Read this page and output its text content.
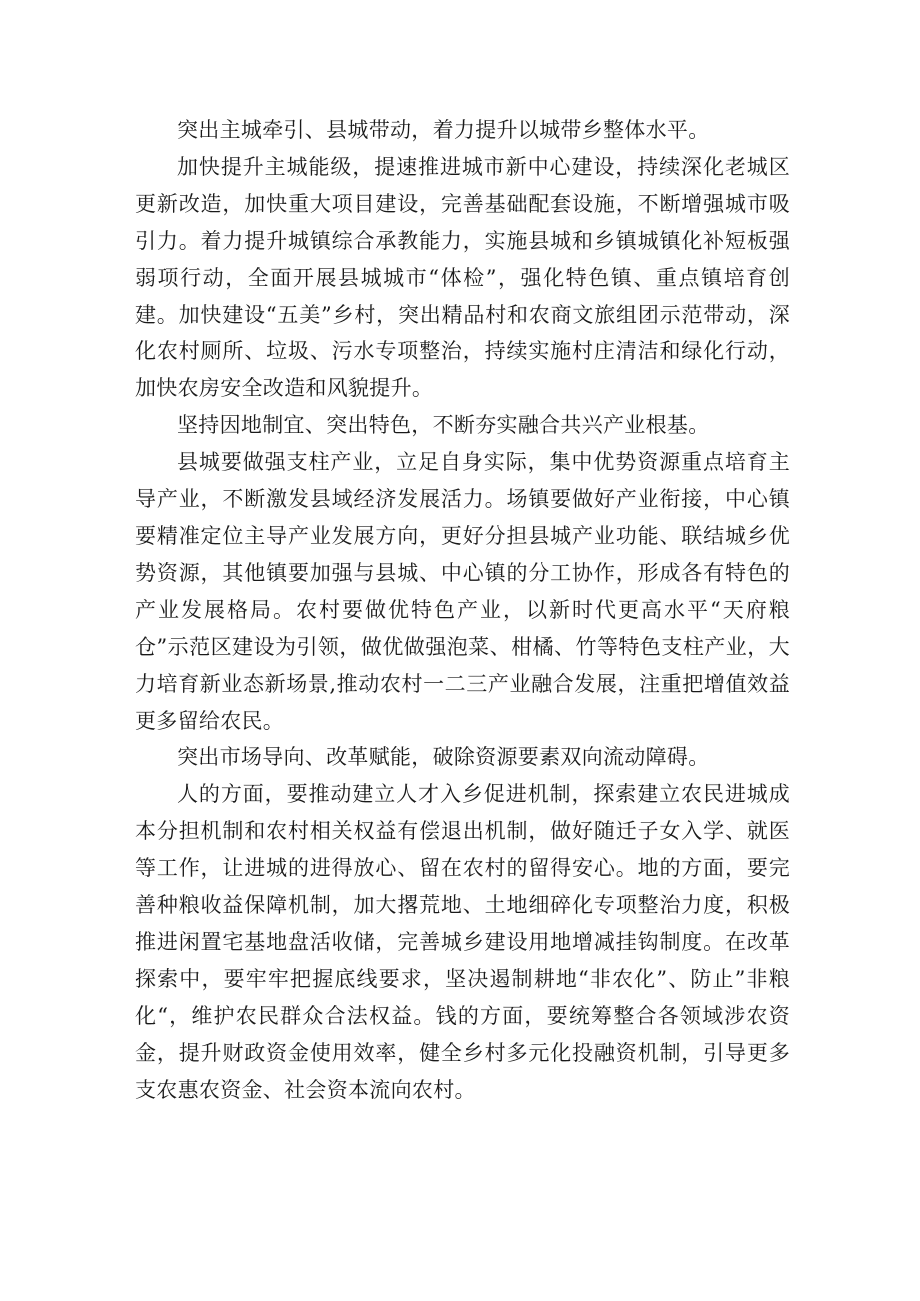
突出主城牵引、县城带动，着力提升以城带乡整体水平。

加快提升主城能级，提速推进城市新中心建设，持续深化老城区更新改造，加快重大项目建设，完善基础配套设施，不断增强城市吸引力。着力提升城镇综合承教能力，实施县城和乡镇城镇化补短板强弱项行动，全面开展县城城市“体检”，强化特色镇、重点镇培育创建。加快建设“五美”乡村，突出精品村和农商文旅组团示范带动，深化农村厕所、垃圾、污水专项整治，持续实施村庄清洁和绿化行动，加快农房安全改造和风貌提升。

坚持因地制宜、突出特色，不断夯实融合共兴产业根基。

县城要做强支柱产业，立足自身实际，集中优势资源重点培育主导产业，不断激发县域经济发展活力。场镇要做好产业衔接，中心镇要精准定位主导产业发展方向，更好分担县城产业功能、联结城乡优势资源，其他镇要加强与县城、中心镇的分工协作，形成各有特色的产业发展格局。农村要做优特色产业，以新时代更高水平“天府粮仓”示范区建设为引领，做优做强泡菜、柑橘、竹等特色支柱产业，大力培育新业态新场景,推动农村一二三产业融合发展，注重把增值效益更多留给农民。

突出市场导向、改革赋能，破除资源要素双向流动障碍。

人的方面，要推动建立人才入乡促进机制，探索建立农民进城成本分担机制和农村相关权益有偿退出机制，做好随迁子女入学、就医等工作，让进城的进得放心、留在农村的留得安心。地的方面，要完善种粮收益保障机制，加大撂荒地、土地细碎化专项整治力度，积极推进闲置宅基地盘活收储，完善城乡建设用地增减挂钩制度。在改革探索中，要牢牢把握底线要求，坚决遏制耕地“非农化”、防止”非粮化“，维护农民群众合法权益。钱的方面，要统筹整合各领域涉农资金，提升财政资金使用效率，健全乡村多元化投融资机制，引导更多支农惠农资金、社会资本流向农村。
